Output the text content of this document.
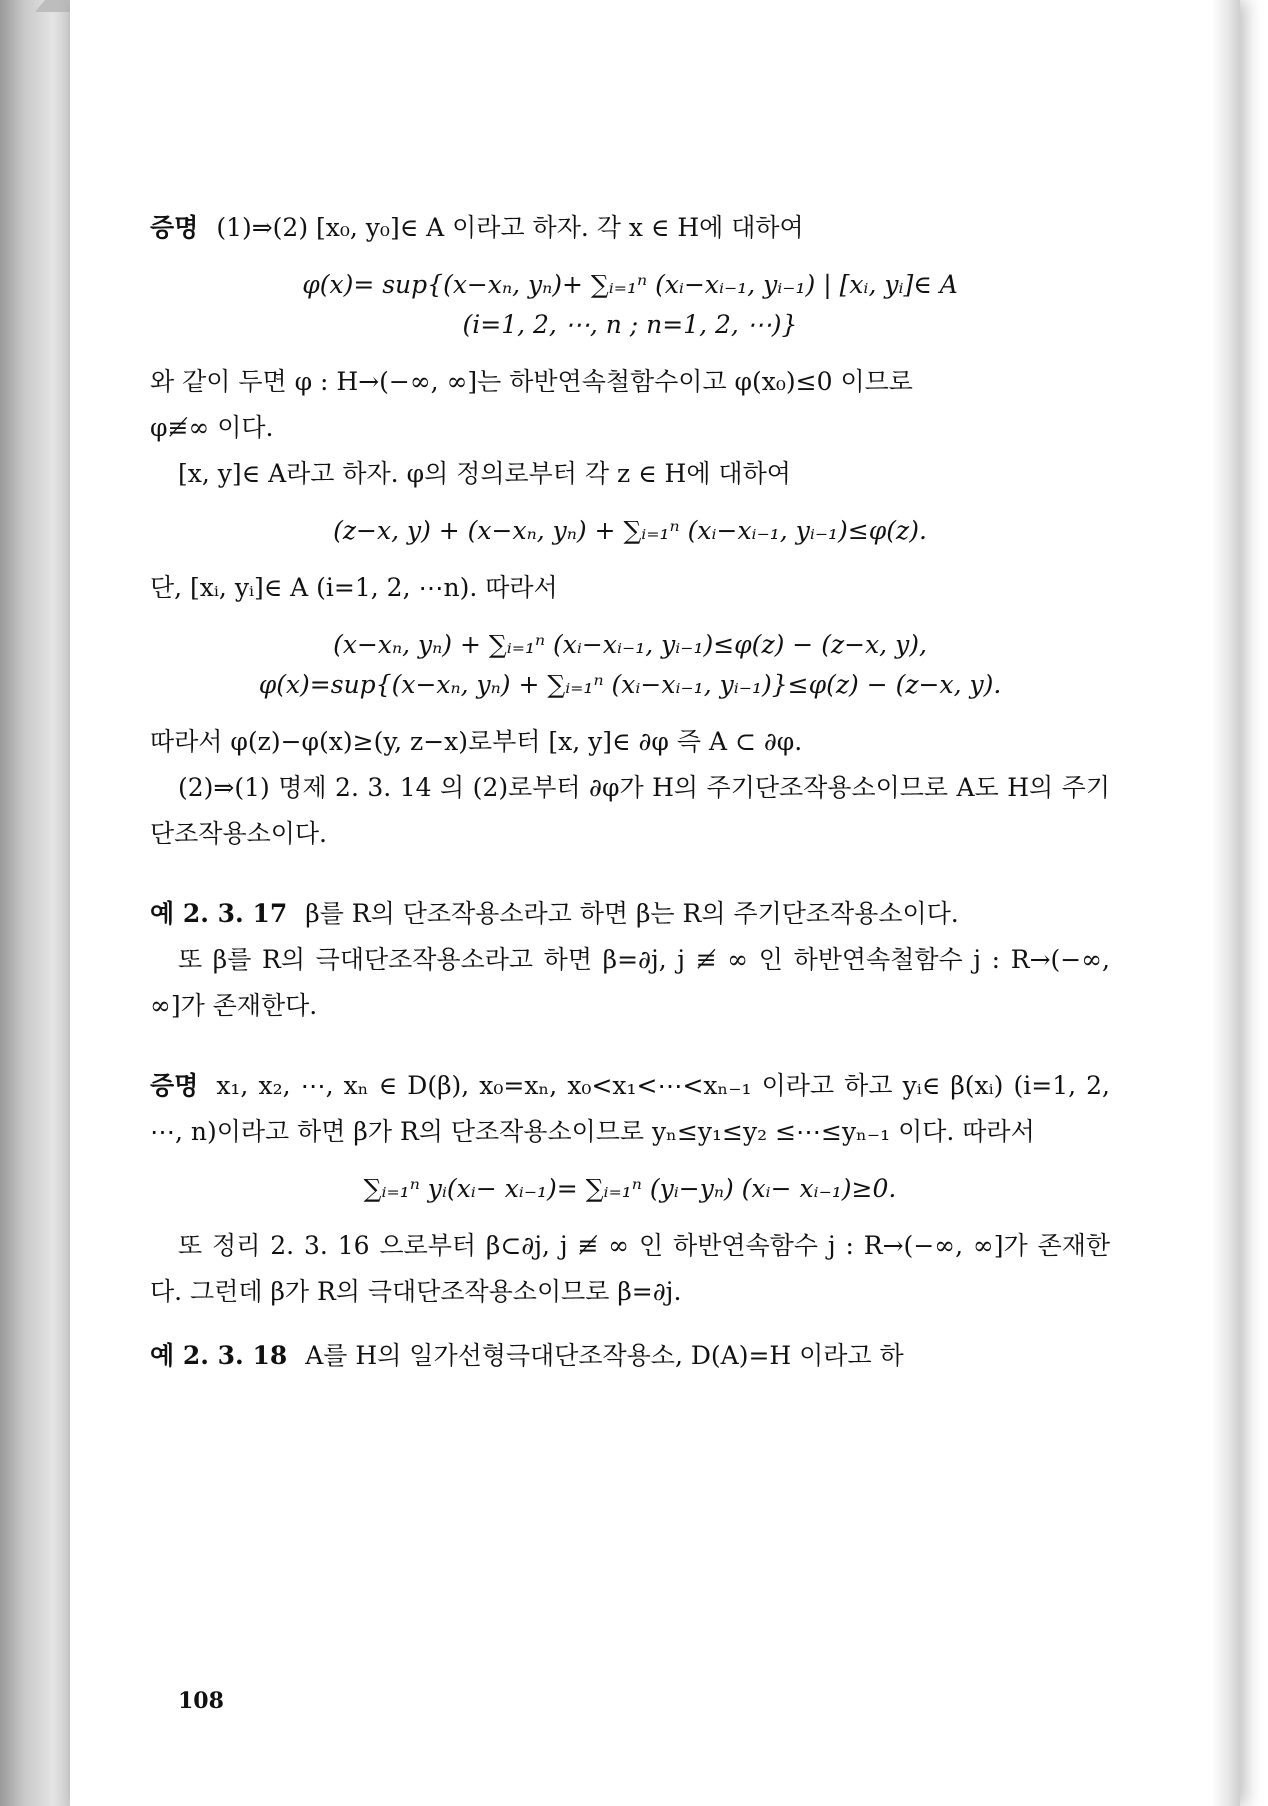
증명 (1)⇒(2) [x₀, y₀]∈ A 이라고 하자. 각 x ∈ H에 대하여

φ(x)= sup{(x−xₙ, yₙ)+ ∑ᵢ₌₁ⁿ (xᵢ−xᵢ₋₁, yᵢ₋₁) | [xᵢ, yᵢ]∈ A
(i=1, 2, ⋯, n ; n=1, 2, ⋯)}

와 같이 두면 φ : H→(−∞, ∞]는 하반연속철함수이고 φ(x₀)≤0 이므로
φ≢∞ 이다.

[x, y]∈ A라고 하자. φ의 정의로부터 각 z ∈ H에 대하여

(z−x, y) + (x−xₙ, yₙ) + ∑ᵢ₌₁ⁿ (xᵢ−xᵢ₋₁, yᵢ₋₁)≤φ(z).

단, [xᵢ, yᵢ]∈ A (i=1, 2, ⋯n). 따라서

(x−xₙ, yₙ) + ∑ᵢ₌₁ⁿ (xᵢ−xᵢ₋₁, yᵢ₋₁)≤φ(z) − (z−x, y),
φ(x)=sup{(x−xₙ, yₙ) + ∑ᵢ₌₁ⁿ (xᵢ−xᵢ₋₁, yᵢ₋₁)}≤φ(z) − (z−x, y).

따라서 φ(z)−φ(x)≥(y, z−x)로부터 [x, y]∈ ∂φ 즉 A ⊂ ∂φ.

(2)⇒(1) 명제 2. 3. 14 의 (2)로부터 ∂φ가 H의 주기단조작용소이므로 A도 H의 주기단조작용소이다.

예 2. 3. 17 β를 R의 단조작용소라고 하면 β는 R의 주기단조작용소이다.

또 β를 R의 극대단조작용소라고 하면 β=∂j, j ≢ ∞ 인 하반연속철함수 j : R→(−∞, ∞]가 존재한다.

증명 x₁, x₂, ⋯, xₙ ∈ D(β), x₀=xₙ, x₀<x₁<⋯<xₙ₋₁ 이라고 하고 yᵢ∈ β(xᵢ) (i=1, 2, ⋯, n)이라고 하면 β가 R의 단조작용소이므로 yₙ≤y₁≤y₂ ≤⋯≤yₙ₋₁ 이다. 따라서

∑ᵢ₌₁ⁿ yᵢ(xᵢ− xᵢ₋₁)= ∑ᵢ₌₁ⁿ (yᵢ−yₙ) (xᵢ− xᵢ₋₁)≥0.

또 정리 2. 3. 16 으로부터 β⊂∂j, j ≢ ∞ 인 하반연속함수 j : R→(−∞, ∞]가 존재한다. 그런데 β가 R의 극대단조작용소이므로 β=∂j.

예 2. 3. 18 A를 H의 일가선형극대단조작용소, D(A)=H 이라고 하

108
